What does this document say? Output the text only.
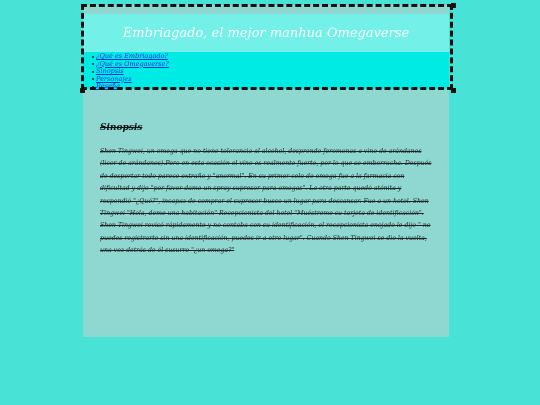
Embriagado, el mejor manhua Omegaverse
¿Qué es Embriagado?
¿Qué es Omegaverse?
Sinopsis
Personajes
Reseña
Sinopsis
Shen Tingwei, un omega que no tiene tolerancia al alcohol, desprende feromonas a vino de arándanos (licor de arándanos).Pero en esta ocasión el vino es realmente fuerte, por lo que se emborracha. Después de despertar todo parece extraño y "anormal". En su primer celo de omega fue a la farmacia con dificultad y dijo "por favor dame un spray supresor para omegas". La otra parte quedó atónita y respondió "¿Qué?", incapaz de comprar el supresor busco un lugar para descansar. Fue a un hotel. Shen Tingwei "Hola, deme una habitación" Recepcionista del hotel "Muéstreme su tarjeta de identificación". Shen Tingwei revisó rápidamente y no contaba con su identificación, el recepcionista enojado le dijo " no puedes registrarte sin una identificación, puedes ir a otro lugar". Cuando Shen Tingwei se dio la vuelta, una voz detrás de él susurro "¿un omega?"
